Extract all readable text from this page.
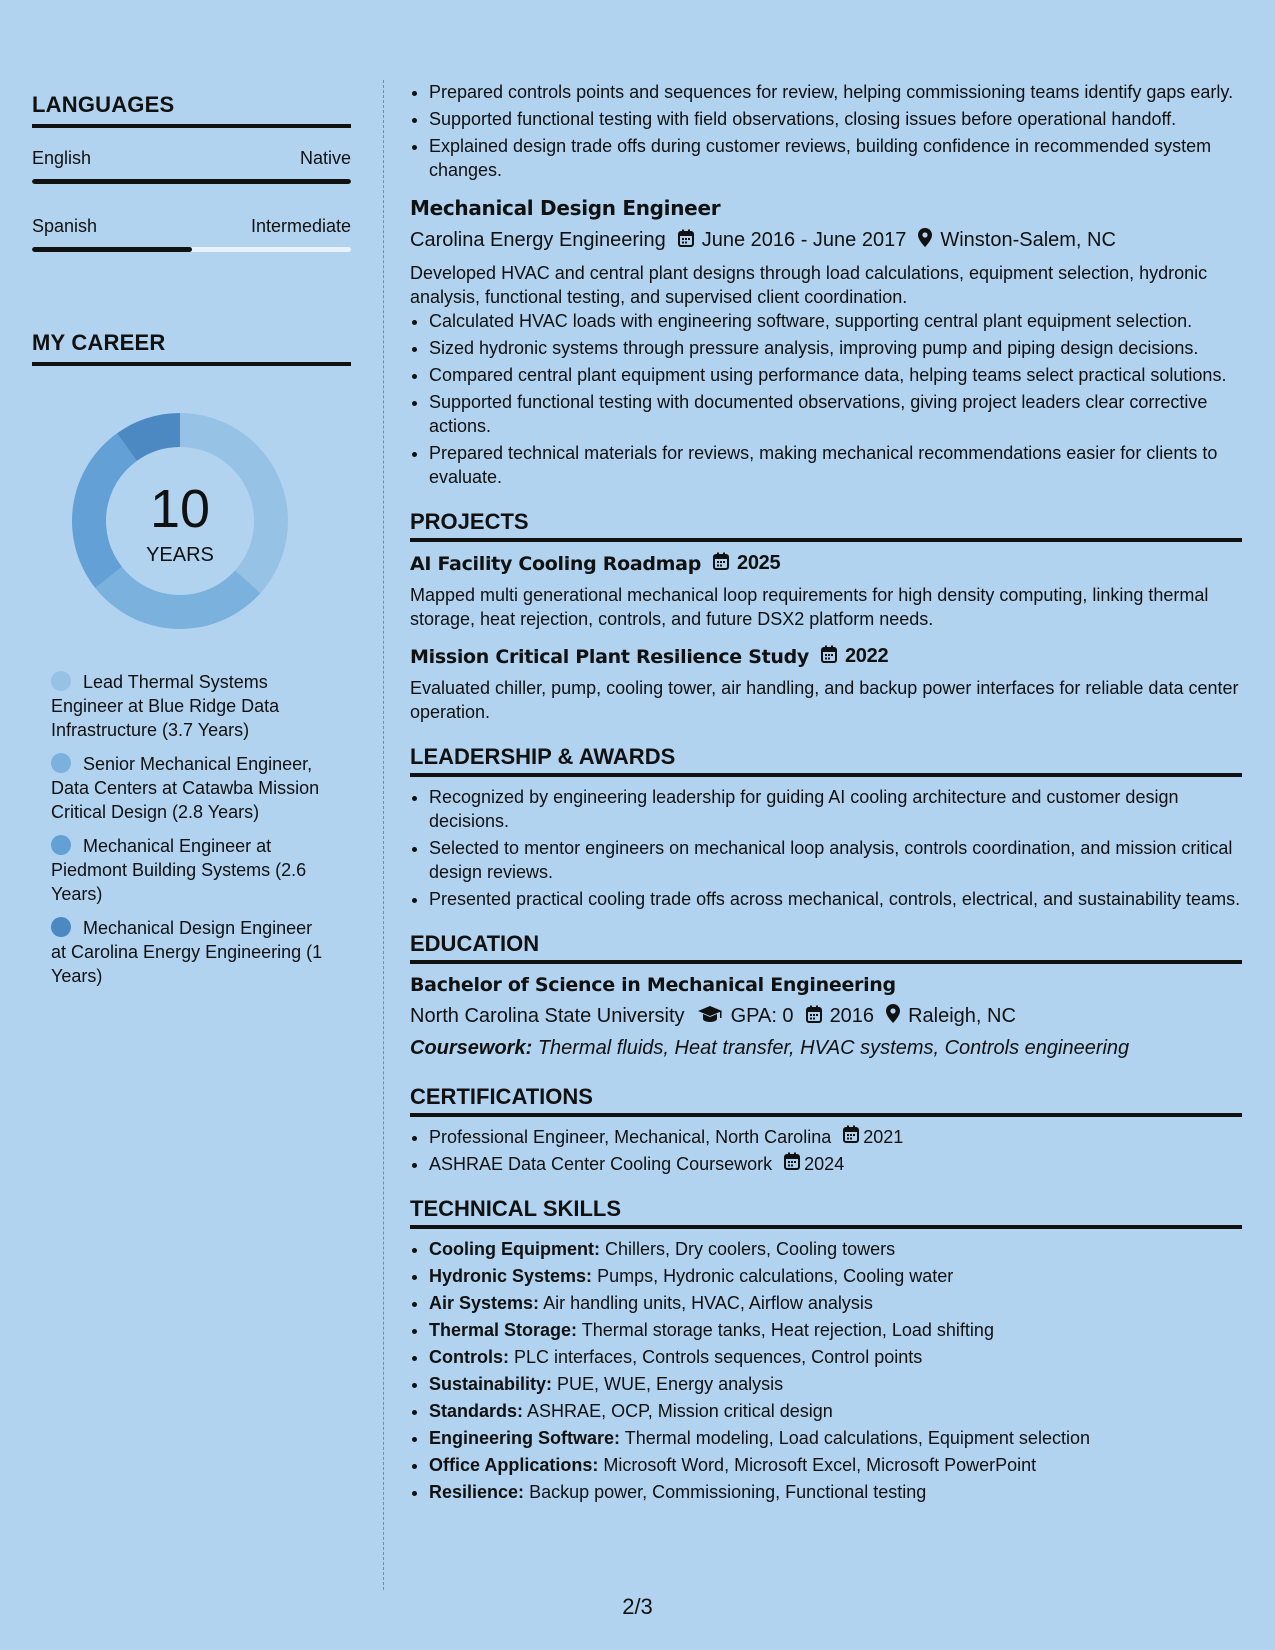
LANGUAGES
English	Native
Spanish	Intermediate
MY CAREER
10
YEARS
Lead Thermal Systems Engineer at Blue Ridge Data Infrastructure (3.7 Years)
Senior Mechanical Engineer, Data Centers at Catawba Mission Critical Design (2.8 Years)
Mechanical Engineer at Piedmont Building Systems (2.6 Years)
Mechanical Design Engineer at Carolina Energy Engineering (1 Years)
• Prepared controls points and sequences for review, helping commissioning teams identify gaps early.
• Supported functional testing with field observations, closing issues before operational handoff.
• Explained design trade offs during customer reviews, building confidence in recommended system changes.
Mechanical Design Engineer
Carolina Energy Engineering June 2016 - June 2017 Winston-Salem, NC
Developed HVAC and central plant designs through load calculations, equipment selection, hydronic analysis, functional testing, and supervised client coordination.
• Calculated HVAC loads with engineering software, supporting central plant equipment selection.
• Sized hydronic systems through pressure analysis, improving pump and piping design decisions.
• Compared central plant equipment using performance data, helping teams select practical solutions.
• Supported functional testing with documented observations, giving project leaders clear corrective actions.
• Prepared technical materials for reviews, making mechanical recommendations easier for clients to evaluate.
PROJECTS
AI Facility Cooling Roadmap 2025
Mapped multi generational mechanical loop requirements for high density computing, linking thermal storage, heat rejection, controls, and future DSX2 platform needs.
Mission Critical Plant Resilience Study 2022
Evaluated chiller, pump, cooling tower, air handling, and backup power interfaces for reliable data center operation.
LEADERSHIP & AWARDS
• Recognized by engineering leadership for guiding AI cooling architecture and customer design decisions.
• Selected to mentor engineers on mechanical loop analysis, controls coordination, and mission critical design reviews.
• Presented practical cooling trade offs across mechanical, controls, electrical, and sustainability teams.
EDUCATION
Bachelor of Science in Mechanical Engineering
North Carolina State University GPA: 0 2016 Raleigh, NC
Coursework: Thermal fluids, Heat transfer, HVAC systems, Controls engineering
CERTIFICATIONS
• Professional Engineer, Mechanical, North Carolina 2021
• ASHRAE Data Center Cooling Coursework 2024
TECHNICAL SKILLS
• Cooling Equipment: Chillers, Dry coolers, Cooling towers
• Hydronic Systems: Pumps, Hydronic calculations, Cooling water
• Air Systems: Air handling units, HVAC, Airflow analysis
• Thermal Storage: Thermal storage tanks, Heat rejection, Load shifting
• Controls: PLC interfaces, Controls sequences, Control points
• Sustainability: PUE, WUE, Energy analysis
• Standards: ASHRAE, OCP, Mission critical design
• Engineering Software: Thermal modeling, Load calculations, Equipment selection
• Office Applications: Microsoft Word, Microsoft Excel, Microsoft PowerPoint
• Resilience: Backup power, Commissioning, Functional testing
2/3
